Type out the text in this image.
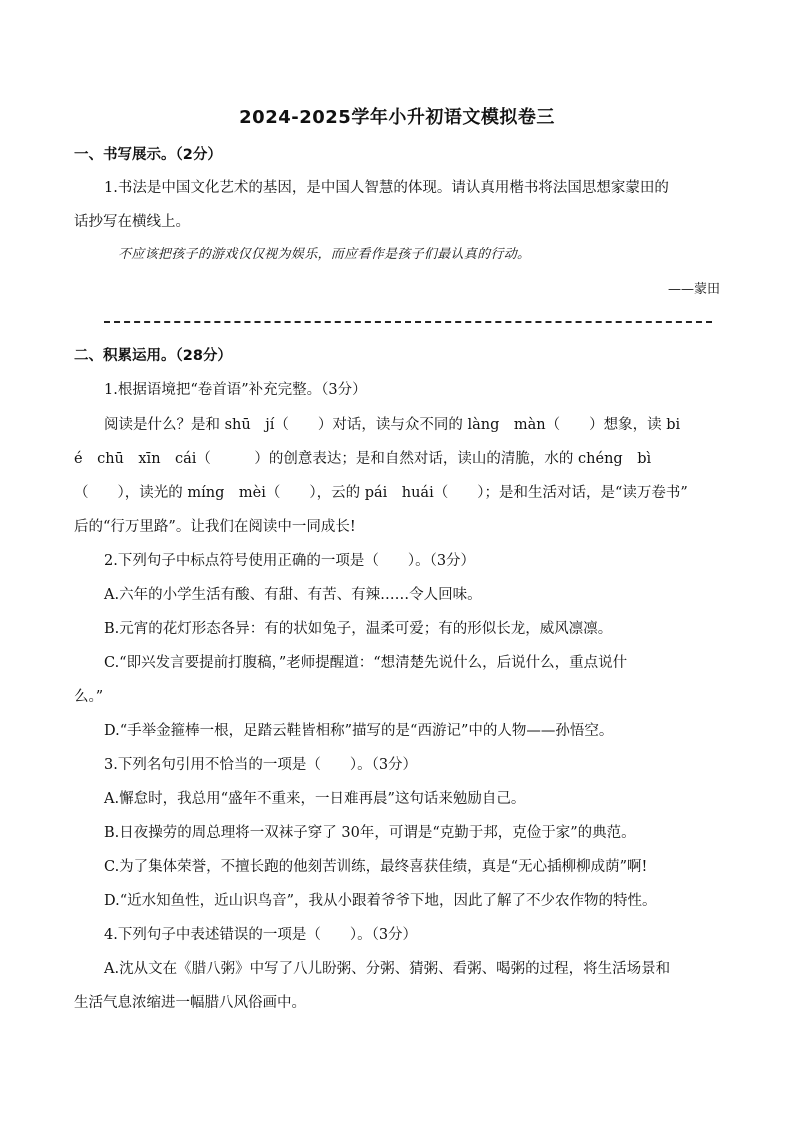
2024-2025学年小升初语文模拟卷三
一、书写展示。（2分）
1.书法是中国文化艺术的基因，是中国人智慧的体现。请认真用楷书将法国思想家蒙田的
话抄写在横线上。
不应该把孩子的游戏仅仅视为娱乐，而应看作是孩子们最认真的行动。
——蒙田
二、积累运用。（28分）
1.根据语境把“卷首语”补充完整。（3分）
阅读是什么？是和 shū　jí（　　）对话，读与众不同的 làng　màn（　　）想象，读 bi
é　chū　xīn　cái（　　　）的创意表达；是和自然对话，读山的清脆，水的 chéng　bì
（　　），读光的 míng　mèi（　　），云的 pái　huái（　　）；是和生活对话，是“读万卷书”
后的“行万里路”。让我们在阅读中一同成长!
2.下列句子中标点符号使用正确的一项是（　　）。（3分）
A.六年的小学生活有酸、有甜、有苦、有辣……令人回味。
B.元宵的花灯形态各异：有的状如兔子，温柔可爱；有的形似长龙，威风凛凛。
C.“即兴发言要提前打腹稿，”老师提醒道：“想清楚先说什么，后说什么，重点说什
么。”
D.“手举金箍棒一根，足踏云鞋皆相称”描写的是“西游记”中的人物——孙悟空。
3.下列名句引用不恰当的一项是（　　）。（3分）
A.懈怠时，我总用“盛年不重来，一日难再晨”这句话来勉励自己。
B.日夜操劳的周总理将一双袜子穿了 30年，可谓是“克勤于邦，克俭于家”的典范。
C.为了集体荣誉，不擅长跑的他刻苦训练，最终喜获佳绩，真是“无心插柳柳成荫”啊!
D.“近水知鱼性，近山识鸟音”，我从小跟着爷爷下地，因此了解了不少农作物的特性。
4.下列句子中表述错误的一项是（　　）。（3分）
A.沈从文在《腊八粥》中写了八儿盼粥、分粥、猜粥、看粥、喝粥的过程，将生活场景和
生活气息浓缩进一幅腊八风俗画中。
